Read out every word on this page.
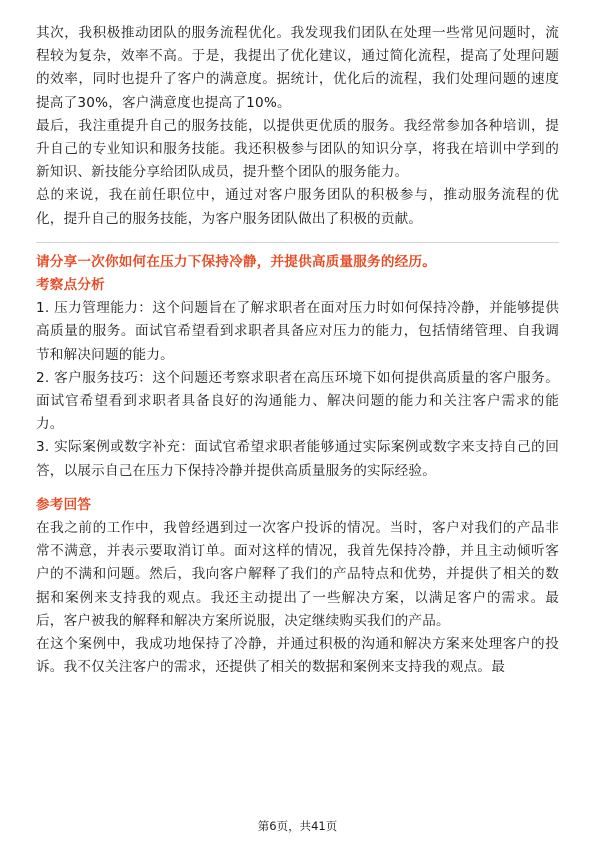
其次，我积极推动团队的服务流程优化。我发现我们团队在处理一些常见问题时，流程较为复杂，效率不高。于是，我提出了优化建议，通过简化流程，提高了处理问题的效率，同时也提升了客户的满意度。据统计，优化后的流程，我们处理问题的速度提高了30%，客户满意度也提高了10%。

最后，我注重提升自己的服务技能，以提供更优质的服务。我经常参加各种培训，提升自己的专业知识和服务技能。我还积极参与团队的知识分享，将我在培训中学到的新知识、新技能分享给团队成员，提升整个团队的服务能力。

总的来说，我在前任职位中，通过对客户服务团队的积极参与，推动服务流程的优化，提升自己的服务技能，为客户服务团队做出了积极的贡献。

请分享一次你如何在压力下保持冷静，并提供高质量服务的经历。

考察点分析

1. 压力管理能力：这个问题旨在了解求职者在面对压力时如何保持冷静，并能够提供高质量的服务。面试官希望看到求职者具备应对压力的能力，包括情绪管理、自我调节和解决问题的能力。

2. 客户服务技巧：这个问题还考察求职者在高压环境下如何提供高质量的客户服务。面试官希望看到求职者具备良好的沟通能力、解决问题的能力和关注客户需求的能力。

3. 实际案例或数字补充：面试官希望求职者能够通过实际案例或数字来支持自己的回答，以展示自己在压力下保持冷静并提供高质量服务的实际经验。

参考回答

在我之前的工作中，我曾经遇到过一次客户投诉的情况。当时，客户对我们的产品非常不满意，并表示要取消订单。面对这样的情况，我首先保持冷静，并且主动倾听客户的不满和问题。然后，我向客户解释了我们的产品特点和优势，并提供了相关的数据和案例来支持我的观点。我还主动提出了一些解决方案，以满足客户的需求。最后，客户被我的解释和解决方案所说服，决定继续购买我们的产品。

在这个案例中，我成功地保持了冷静，并通过积极的沟通和解决方案来处理客户的投诉。我不仅关注客户的需求，还提供了相关的数据和案例来支持我的观点。最

第6页，共41页
